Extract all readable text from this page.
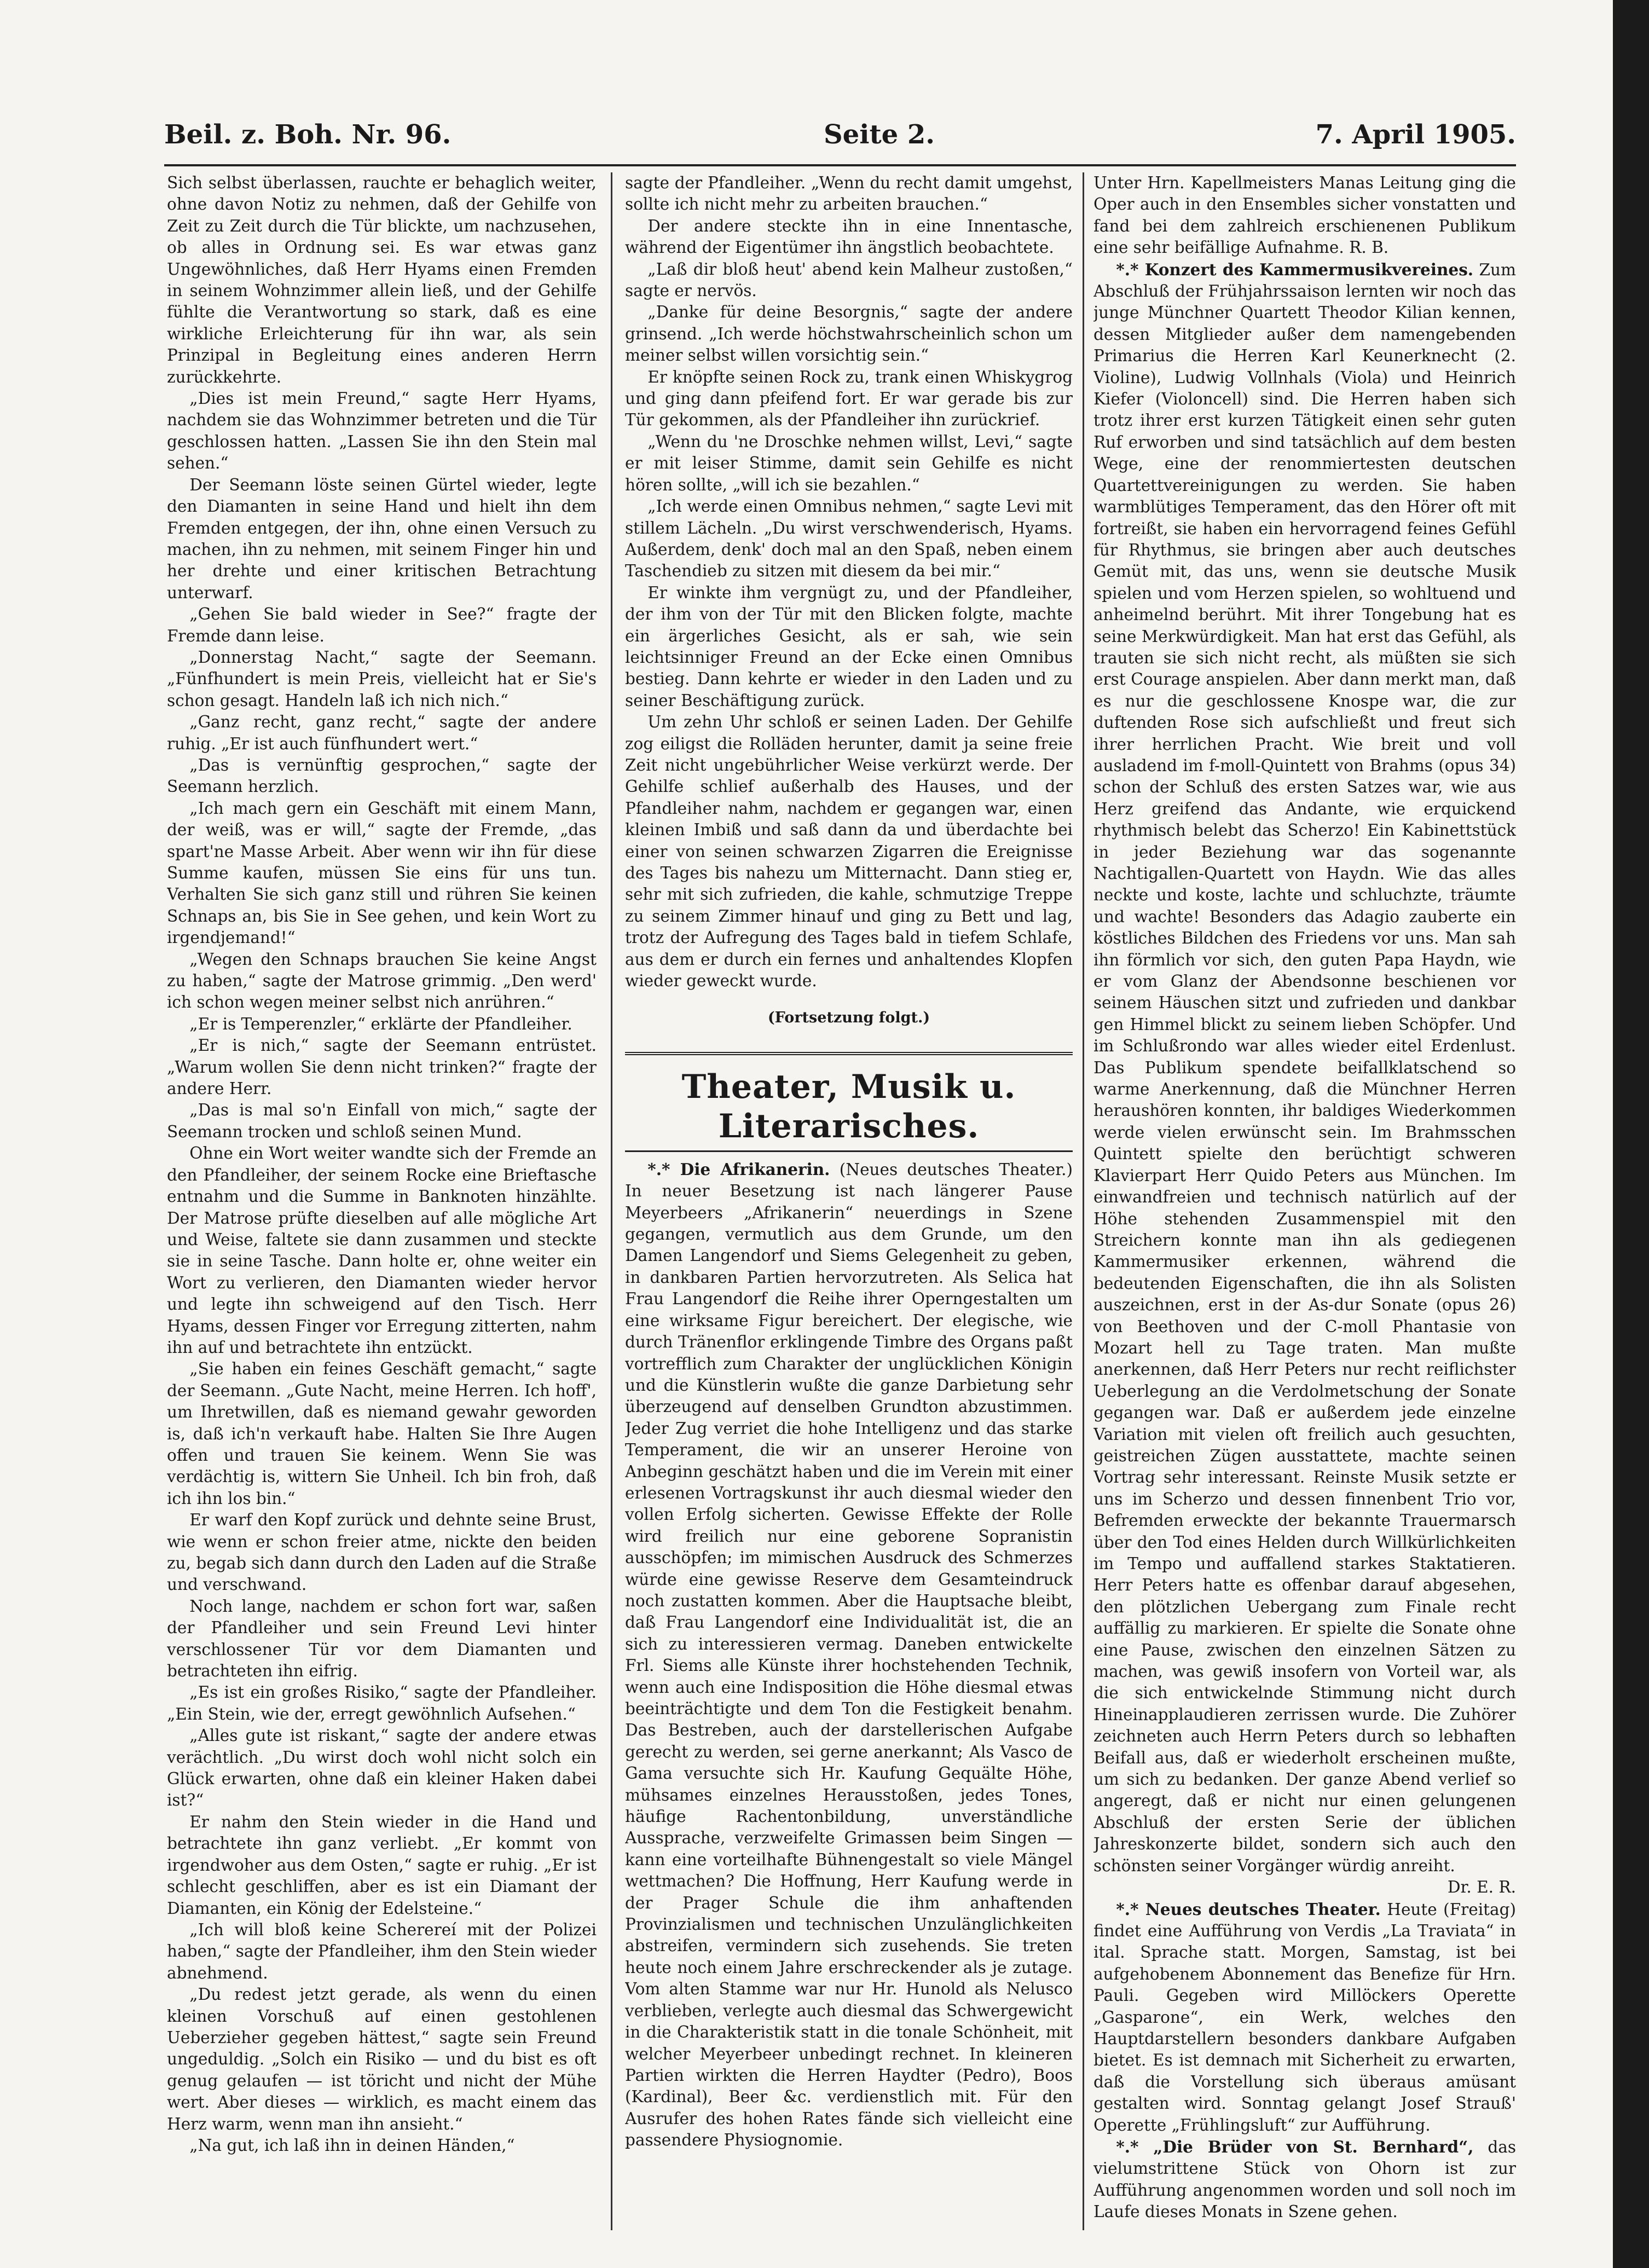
Beil. z. Boh. Nr. 96.	Seite 2.	7. April 1905.

Sich selbst überlassen, rauchte er behaglich weiter, ohne davon Notiz zu nehmen, daß der Gehilfe von Zeit zu Zeit durch die Tür blickte, um nachzusehen, ob alles in Ordnung sei. Es war etwas ganz Ungewöhnliches, daß Herr Hyams einen Fremden in seinem Wohnzimmer allein ließ, und der Gehilfe fühlte die Verantwortung so stark, daß es eine wirkliche Erleichterung für ihn war, als sein Prinzipal in Begleitung eines anderen Herrn zurückkehrte.

„Dies ist mein Freund,“ sagte Herr Hyams, nachdem sie das Wohnzimmer betreten und die Tür geschlossen hatten. „Lassen Sie ihn den Stein mal sehen.“

Der Seemann löste seinen Gürtel wieder, legte den Diamanten in seine Hand und hielt ihn dem Fremden entgegen, der ihn, ohne einen Versuch zu machen, ihn zu nehmen, mit seinem Finger hin und her drehte und einer kritischen Betrachtung unterwarf.

„Gehen Sie bald wieder in See?“ fragte der Fremde dann leise.

„Donnerstag Nacht,“ sagte der Seemann. „Fünfhundert is mein Preis, vielleicht hat er Sie's schon gesagt. Handeln laß ich nich nich.“

„Ganz recht, ganz recht,“ sagte der andere ruhig. „Er ist auch fünfhundert wert.“

„Das is vernünftig gesprochen,“ sagte der Seemann herzlich.

„Ich mach gern ein Geschäft mit einem Mann, der weiß, was er will,“ sagte der Fremde, „das spart'ne Masse Arbeit. Aber wenn wir ihn für diese Summe kaufen, müssen Sie eins für uns tun. Verhalten Sie sich ganz still und rühren Sie keinen Schnaps an, bis Sie in See gehen, und kein Wort zu irgendjemand!“

„Wegen den Schnaps brauchen Sie keine Angst zu haben,“ sagte der Matrose grimmig. „Den werd' ich schon wegen meiner selbst nich anrühren.“

„Er is Temperenzler,“ erklärte der Pfandleiher.

„Er is nich,“ sagte der Seemann entrüstet. „Warum wollen Sie denn nicht trinken?“ fragte der andere Herr.

„Das is mal so'n Einfall von mich,“ sagte der Seemann trocken und schloß seinen Mund.

Ohne ein Wort weiter wandte sich der Fremde an den Pfandleiher, der seinem Rocke eine Brieftasche entnahm und die Summe in Banknoten hinzählte. Der Matrose prüfte dieselben auf alle mögliche Art und Weise, faltete sie dann zusammen und steckte sie in seine Tasche. Dann holte er, ohne weiter ein Wort zu verlieren, den Diamanten wieder hervor und legte ihn schweigend auf den Tisch. Herr Hyams, dessen Finger vor Erregung zitterten, nahm ihn auf und betrachtete ihn entzückt.

„Sie haben ein feines Geschäft gemacht,“ sagte der Seemann. „Gute Nacht, meine Herren. Ich hoff', um Ihretwillen, daß es niemand gewahr geworden is, daß ich'n verkauft habe. Halten Sie Ihre Augen offen und trauen Sie keinem. Wenn Sie was verdächtig is, wittern Sie Unheil. Ich bin froh, daß ich ihn los bin.“

Er warf den Kopf zurück und dehnte seine Brust, wie wenn er schon freier atme, nickte den beiden zu, begab sich dann durch den Laden auf die Straße und verschwand.

Noch lange, nachdem er schon fort war, saßen der Pfandleiher und sein Freund Levi hinter verschlossener Tür vor dem Diamanten und betrachteten ihn eifrig.

„Es ist ein großes Risiko,“ sagte der Pfandleiher. „Ein Stein, wie der, erregt gewöhnlich Aufsehen.“

„Alles gute ist riskant,“ sagte der andere etwas verächtlich. „Du wirst doch wohl nicht solch ein Glück erwarten, ohne daß ein kleiner Haken dabei ist?“

Er nahm den Stein wieder in die Hand und betrachtete ihn ganz verliebt. „Er kommt von irgendwoher aus dem Osten,“ sagte er ruhig. „Er ist schlecht geschliffen, aber es ist ein Diamant der Diamanten, ein König der Edelsteine.“

„Ich will bloß keine Scherereí mit der Polizei haben,“ sagte der Pfandleiher, ihm den Stein wieder abnehmend.

„Du redest jetzt gerade, als wenn du einen kleinen Vorschuß auf einen gestohlenen Ueberzieher gegeben hättest,“ sagte sein Freund ungeduldig. „Solch ein Risiko — und du bist es oft genug gelaufen — ist töricht und nicht der Mühe wert. Aber dieses — wirklich, es macht einem das Herz warm, wenn man ihn ansieht.“

„Na gut, ich laß ihn in deinen Händen,“

sagte der Pfandleiher. „Wenn du recht damit umgehst, sollte ich nicht mehr zu arbeiten brauchen.“

Der andere steckte ihn in eine Innentasche, während der Eigentümer ihn ängstlich beobachtete.

„Laß dir bloß heut' abend kein Malheur zustoßen,“ sagte er nervös.

„Danke für deine Besorgnis,“ sagte der andere grinsend. „Ich werde höchstwahrscheinlich schon um meiner selbst willen vorsichtig sein.“

Er knöpfte seinen Rock zu, trank einen Whiskygrog und ging dann pfeifend fort. Er war gerade bis zur Tür gekommen, als der Pfandleiher ihn zurückrief.

„Wenn du 'ne Droschke nehmen willst, Levi,“ sagte er mit leiser Stimme, damit sein Gehilfe es nicht hören sollte, „will ich sie bezahlen.“

„Ich werde einen Omnibus nehmen,“ sagte Levi mit stillem Lächeln. „Du wirst verschwenderisch, Hyams. Außerdem, denk' doch mal an den Spaß, neben einem Taschendieb zu sitzen mit diesem da bei mir.“

Er winkte ihm vergnügt zu, und der Pfandleiher, der ihm von der Tür mit den Blicken folgte, machte ein ärgerliches Gesicht, als er sah, wie sein leichtsinniger Freund an der Ecke einen Omnibus bestieg. Dann kehrte er wieder in den Laden und zu seiner Beschäftigung zurück.

Um zehn Uhr schloß er seinen Laden. Der Gehilfe zog eiligst die Rolläden herunter, damit ja seine freie Zeit nicht ungebührlicher Weise verkürzt werde. Der Gehilfe schlief außerhalb des Hauses, und der Pfandleiher nahm, nachdem er gegangen war, einen kleinen Imbiß und saß dann da und überdachte bei einer von seinen schwarzen Zigarren die Ereignisse des Tages bis nahezu um Mitternacht. Dann stieg er, sehr mit sich zufrieden, die kahle, schmutzige Treppe zu seinem Zimmer hinauf und ging zu Bett und lag, trotz der Aufregung des Tages bald in tiefem Schlafe, aus dem er durch ein fernes und anhaltendes Klopfen wieder geweckt wurde.

(Fortsetzung folgt.)

Theater, Musik u. Literarisches.

*.* Die Afrikanerin. (Neues deutsches Theater.) In neuer Besetzung ist nach längerer Pause Meyerbeers „Afrikanerin“ neuerdings in Szene gegangen, vermutlich aus dem Grunde, um den Damen Langendorf und Siems Gelegenheit zu geben, in dankbaren Partien hervorzutreten. Als Selica hat Frau Langendorf die Reihe ihrer Operngestalten um eine wirksame Figur bereichert. Der elegische, wie durch Tränenflor erklingende Timbre des Organs paßt vortrefflich zum Charakter der unglücklichen Königin und die Künstlerin wußte die ganze Darbietung sehr überzeugend auf denselben Grundton abzustimmen. Jeder Zug verriet die hohe Intelligenz und das starke Temperament, die wir an unserer Heroine von Anbeginn geschätzt haben und die im Verein mit einer erlesenen Vortragskunst ihr auch diesmal wieder den vollen Erfolg sicherten. Gewisse Effekte der Rolle wird freilich nur eine geborene Sopranistin ausschöpfen; im mimischen Ausdruck des Schmerzes würde eine gewisse Reserve dem Gesamteindruck noch zustatten kommen. Aber die Hauptsache bleibt, daß Frau Langendorf eine Individualität ist, die an sich zu interessieren vermag. Daneben entwickelte Frl. Siems alle Künste ihrer hochstehenden Technik, wenn auch eine Indisposition die Höhe diesmal etwas beeinträchtigte und dem Ton die Festigkeit benahm. Das Bestreben, auch der darstellerischen Aufgabe gerecht zu werden, sei gerne anerkannt; Als Vasco de Gama versuchte sich Hr. Kaufung Gequälte Höhe, mühsames einzelnes Herausstoßen, jedes Tones, häufige Rachentonbildung, unverständliche Aussprache, verzweifelte Grimassen beim Singen — kann eine vorteilhafte Bühnengestalt so viele Mängel wettmachen? Die Hoffnung, Herr Kaufung werde in der Prager Schule die ihm anhaftenden Provinzialismen und technischen Unzulänglichkeiten abstreifen, vermindern sich zusehends. Sie treten heute noch einem Jahre erschreckender als je zutage. Vom alten Stamme war nur Hr. Hunold als Nelusco verblieben, verlegte auch diesmal das Schwergewicht in die Charakteristik statt in die tonale Schönheit, mit welcher Meyerbeer unbedingt rechnet. In kleineren Partien wirkten die Herren Haydter (Pedro), Boos (Kardinal), Beer &c. verdienstlich mit. Für den Ausrufer des hohen Rates fände sich vielleicht eine passendere Physiognomie.

Unter Hrn. Kapellmeisters Manas Leitung ging die Oper auch in den Ensembles sicher vonstatten und fand bei dem zahlreich erschienenen Publikum eine sehr beifällige Aufnahme. R. B.

*.* Konzert des Kammermusikvereines. Zum Abschluß der Frühjahrssaison lernten wir noch das junge Münchner Quartett Theodor Kilian kennen, dessen Mitglieder außer dem namengebenden Primarius die Herren Karl Keunerknecht (2. Violine), Ludwig Vollnhals (Viola) und Heinrich Kiefer (Violoncell) sind. Die Herren haben sich trotz ihrer erst kurzen Tätigkeit einen sehr guten Ruf erworben und sind tatsächlich auf dem besten Wege, eine der renommiertesten deutschen Quartettvereinigungen zu werden. Sie haben warmblütiges Temperament, das den Hörer oft mit fortreißt, sie haben ein hervorragend feines Gefühl für Rhythmus, sie bringen aber auch deutsches Gemüt mit, das uns, wenn sie deutsche Musik spielen und vom Herzen spielen, so wohltuend und anheimelnd berührt. Mit ihrer Tongebung hat es seine Merkwürdigkeit. Man hat erst das Gefühl, als trauten sie sich nicht recht, als müßten sie sich erst Courage anspielen. Aber dann merkt man, daß es nur die geschlossene Knospe war, die zur duftenden Rose sich aufschließt und freut sich ihrer herrlichen Pracht. Wie breit und voll ausladend im f-moll-Quintett von Brahms (opus 34) schon der Schluß des ersten Satzes war, wie aus Herz greifend das Andante, wie erquickend rhythmisch belebt das Scherzo! Ein Kabinettstück in jeder Beziehung war das sogenannte Nachtigallen-Quartett von Haydn. Wie das alles neckte und koste, lachte und schluchzte, träumte und wachte! Besonders das Adagio zauberte ein köstliches Bildchen des Friedens vor uns. Man sah ihn förmlich vor sich, den guten Papa Haydn, wie er vom Glanz der Abendsonne beschienen vor seinem Häuschen sitzt und zufrieden und dankbar gen Himmel blickt zu seinem lieben Schöpfer. Und im Schlußrondo war alles wieder eitel Erdenlust. Das Publikum spendete beifallklatschend so warme Anerkennung, daß die Münchner Herren heraushören konnten, ihr baldiges Wiederkommen werde vielen erwünscht sein. Im Brahmsschen Quintett spielte den berüchtigt schweren Klavierpart Herr Quido Peters aus München. Im einwandfreien und technisch natürlich auf der Höhe stehenden Zusammenspiel mit den Streichern konnte man ihn als gediegenen Kammermusiker erkennen, während die bedeutenden Eigenschaften, die ihn als Solisten auszeichnen, erst in der As-dur Sonate (opus 26) von Beethoven und der C-moll Phantasie von Mozart hell zu Tage traten. Man mußte anerkennen, daß Herr Peters nur recht reiflichster Ueberlegung an die Verdolmetschung der Sonate gegangen war. Daß er außerdem jede einzelne Variation mit vielen oft freilich auch gesuchten, geistreichen Zügen ausstattete, machte seinen Vortrag sehr interessant. Reinste Musik setzte er uns im Scherzo und dessen finnenbent Trio vor, Befremden erweckte der bekannte Trauermarsch über den Tod eines Helden durch Willkürlichkeiten im Tempo und auffallend starkes Staktatieren. Herr Peters hatte es offenbar darauf abgesehen, den plötzlichen Uebergang zum Finale recht auffällig zu markieren. Er spielte die Sonate ohne eine Pause, zwischen den einzelnen Sätzen zu machen, was gewiß insofern von Vorteil war, als die sich entwickelnde Stimmung nicht durch Hineinapplaudieren zerrissen wurde. Die Zuhörer zeichneten auch Herrn Peters durch so lebhaften Beifall aus, daß er wiederholt erscheinen mußte, um sich zu bedanken. Der ganze Abend verlief so angeregt, daß er nicht nur einen gelungenen Abschluß der ersten Serie der üblichen Jahreskonzerte bildet, sondern sich auch den schönsten seiner Vorgänger würdig anreiht.

Dr. E. R.

*.* Neues deutsches Theater. Heute (Freitag) findet eine Aufführung von Verdis „La Traviata“ in ital. Sprache statt. Morgen, Samstag, ist bei aufgehobenem Abonnement das Benefize für Hrn. Pauli. Gegeben wird Millöckers Operette „Gasparone“, ein Werk, welches den Hauptdarstellern besonders dankbare Aufgaben bietet. Es ist demnach mit Sicherheit zu erwarten, daß die Vorstellung sich überaus amüsant gestalten wird. Sonntag gelangt Josef Strauß' Operette „Frühlingsluft“ zur Aufführung.

*.* „Die Brüder von St. Bernhard“, das vielumstrittene Stück von Ohorn ist zur Aufführung angenommen worden und soll noch im Laufe dieses Monats in Szene gehen.
